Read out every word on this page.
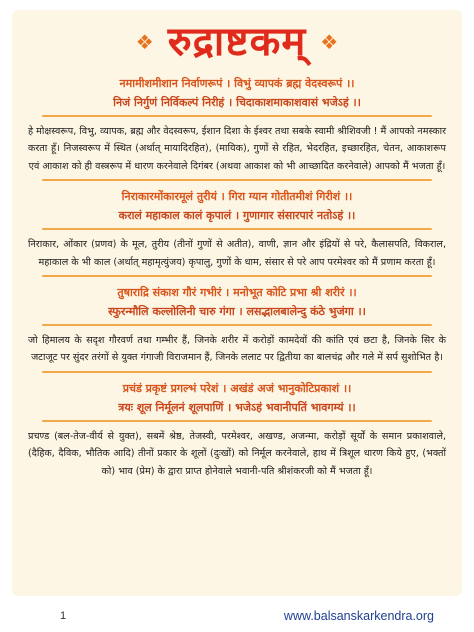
❖ रुद्राष्टकम् ❖
नमामीशमीशान निर्वाणरूपं । विभुं व्यापकं ब्रह्म वेदस्वरूपं ।।
निजं निर्गुणं निर्विकल्पं निरीहं । चिदाकाशमाकाशवासं भजेऽहं ।।
हे मोक्षस्वरूप, विभु, व्यापक, ब्रह्म और वेदस्वरूप, ईशान दिशा के ईश्वर तथा सबके स्वामी श्रीशिवजी ! मैं आपको नमस्कार करता हूँ। निजस्वरूप में स्थित (अर्थात् मायादिरहित), (मायिक), गुणों से रहित, भेदरहित, इच्छारहित, चेतन, आकाशरूप एवं आकाश को ही वस्त्ररूप में धारण करनेवाले दिगंबर (अथवा आकाश को भी आच्छादित करनेवाले) आपको मैं भजता हूँ।
निराकारमोंकारमूलं तुरीयं । गिरा ग्यान गोतीतमीशं गिरीशं ।।
करालं महाकाल कालं कृपालं । गुणागार संसारपारं नतोऽहं ।।
निराकार, ओंकार (प्रणव) के मूल, तुरीय (तीनों गुणों से अतीत), वाणी, ज्ञान और इंद्रियों से परे, कैलासपति, विकराल, महाकाल के भी काल (अर्थात् महामृत्युंजय) कृपालु, गुणों के धाम, संसार से परे आप परमेश्वर को मैं प्रणाम करता हूँ।
तुषाराद्रि संकाश गौरं गभीरं । मनोभूत कोटि प्रभा श्री शरीरं ।।
स्फुरन्मौलि कल्लोलिनी चारु गंगा । लसद्भालबालेन्दु कंठे भुजंगा ।।
जो हिमालय के सदृश गौरवर्ण तथा गम्भीर हैं, जिनके शरीर में करोड़ों कामदेवों की कांति एवं छटा है, जिनके सिर के जटाजूट पर सुंदर तरंगों से युक्त गंगाजी विराजमान हैं, जिनके ललाट पर द्वितीया का बालचंद्र और गले में सर्प सुशोभित है।
प्रचंडं प्रकृष्टं प्रगल्भं परेशं । अखंडं अजं भानुकोटिप्रकाशं ।।
त्रयः शूल निर्मूलनं शूलपाणिं । भजेऽहं भवानीपतिं भावगम्यं ।।
प्रचण्ड (बल-तेज-वीर्य से युक्त), सबमें श्रेष्ठ, तेजस्वी, परमेश्वर, अखण्ड, अजन्मा, करोड़ों सूर्यों के समान प्रकाशवाले, (दैहिक, दैविक, भौतिक आदि) तीनों प्रकार के शूलों (दुःखों) को निर्मूल करनेवाले, हाथ में त्रिशूल धारण किये हुए, (भक्तों को) भाव (प्रेम) के द्वारा प्राप्त होनेवाले भवानी-पति श्रीशंकरजी को मैं भजता हूँ।
1	www.balsanskarkendra.org
